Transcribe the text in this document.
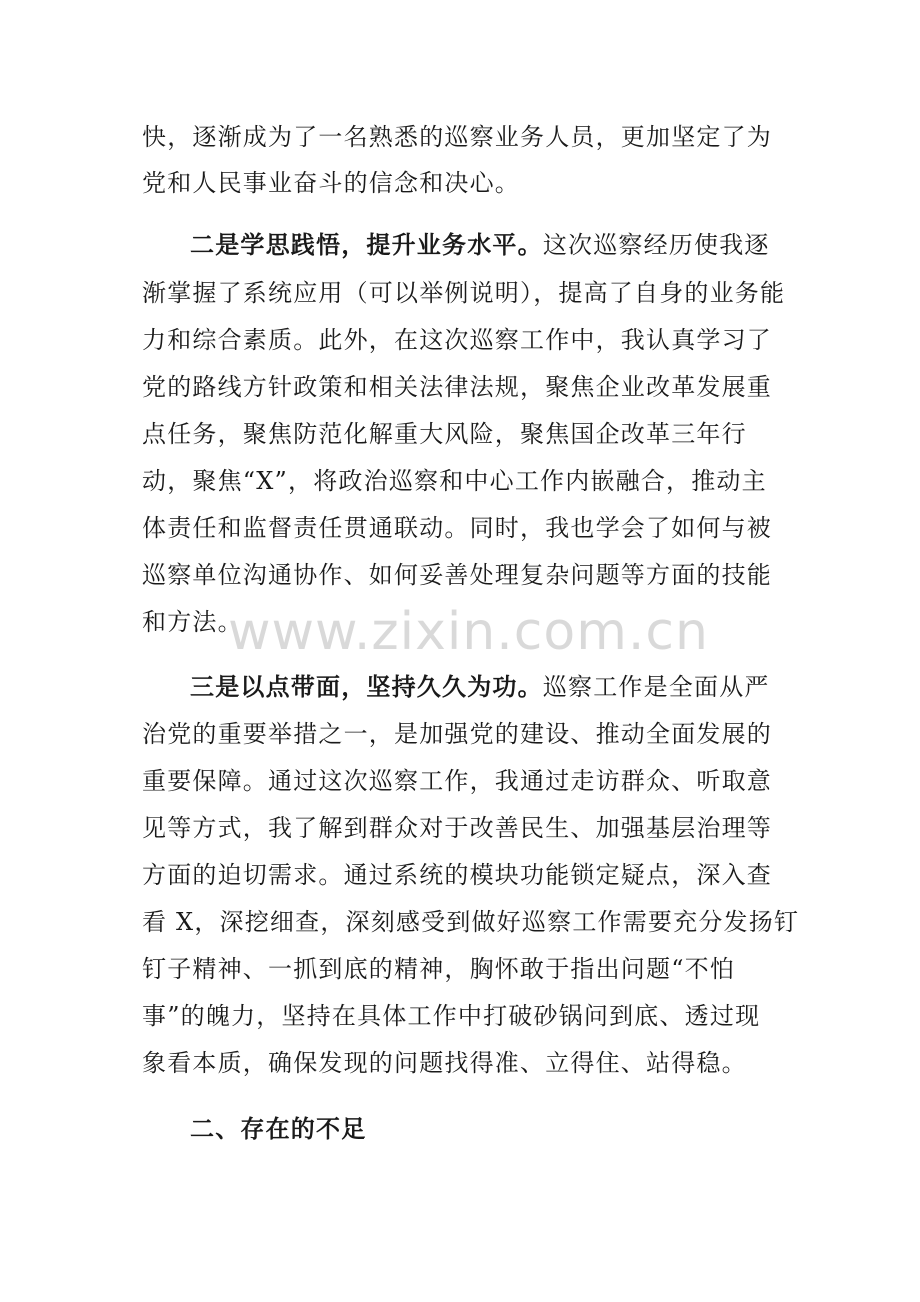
www.zixin.com.cn
快，逐渐成为了一名熟悉的巡察业务人员，更加坚定了为
党和人民事业奋斗的信念和决心。
二是学思践悟，提升业务水平。这次巡察经历使我逐
渐掌握了系统应用（可以举例说明），提高了自身的业务能
力和综合素质。此外，在这次巡察工作中，我认真学习了
党的路线方针政策和相关法律法规，聚焦企业改革发展重
点任务，聚焦防范化解重大风险，聚焦国企改革三年行
动，聚焦“X”，将政治巡察和中心工作内嵌融合，推动主
体责任和监督责任贯通联动。同时，我也学会了如何与被
巡察单位沟通协作、如何妥善处理复杂问题等方面的技能
和方法。
三是以点带面，坚持久久为功。巡察工作是全面从严
治党的重要举措之一，是加强党的建设、推动全面发展的
重要保障。通过这次巡察工作，我通过走访群众、听取意
见等方式，我了解到群众对于改善民生、加强基层治理等
方面的迫切需求。通过系统的模块功能锁定疑点，深入查
看 X，深挖细查，深刻感受到做好巡察工作需要充分发扬钉
钉子精神、一抓到底的精神，胸怀敢于指出问题“不怕
事”的魄力，坚持在具体工作中打破砂锅问到底、透过现
象看本质，确保发现的问题找得准、立得住、站得稳。
二、存在的不足
